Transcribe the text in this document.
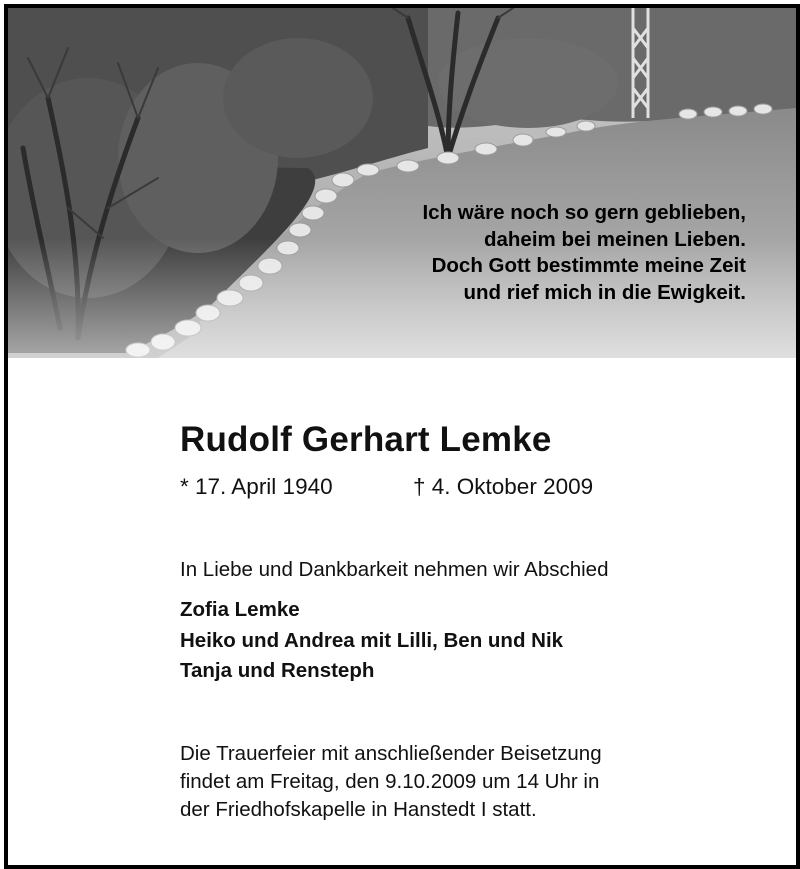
Ich wäre noch so gern geblieben,
daheim bei meinen Lieben.
Doch Gott bestimmte meine Zeit
und rief mich in die Ewigkeit.
Rudolf Gerhart Lemke
* 17. April 1940	† 4. Oktober 2009
In Liebe und Dankbarkeit nehmen wir Abschied
Zofia Lemke
Heiko und Andrea mit Lilli, Ben und Nik
Tanja und Rensteph
Die Trauerfeier mit anschließender Beisetzung
findet am Freitag, den 9.10.2009 um 14 Uhr in
der Friedhofskapelle in Hanstedt I statt.
